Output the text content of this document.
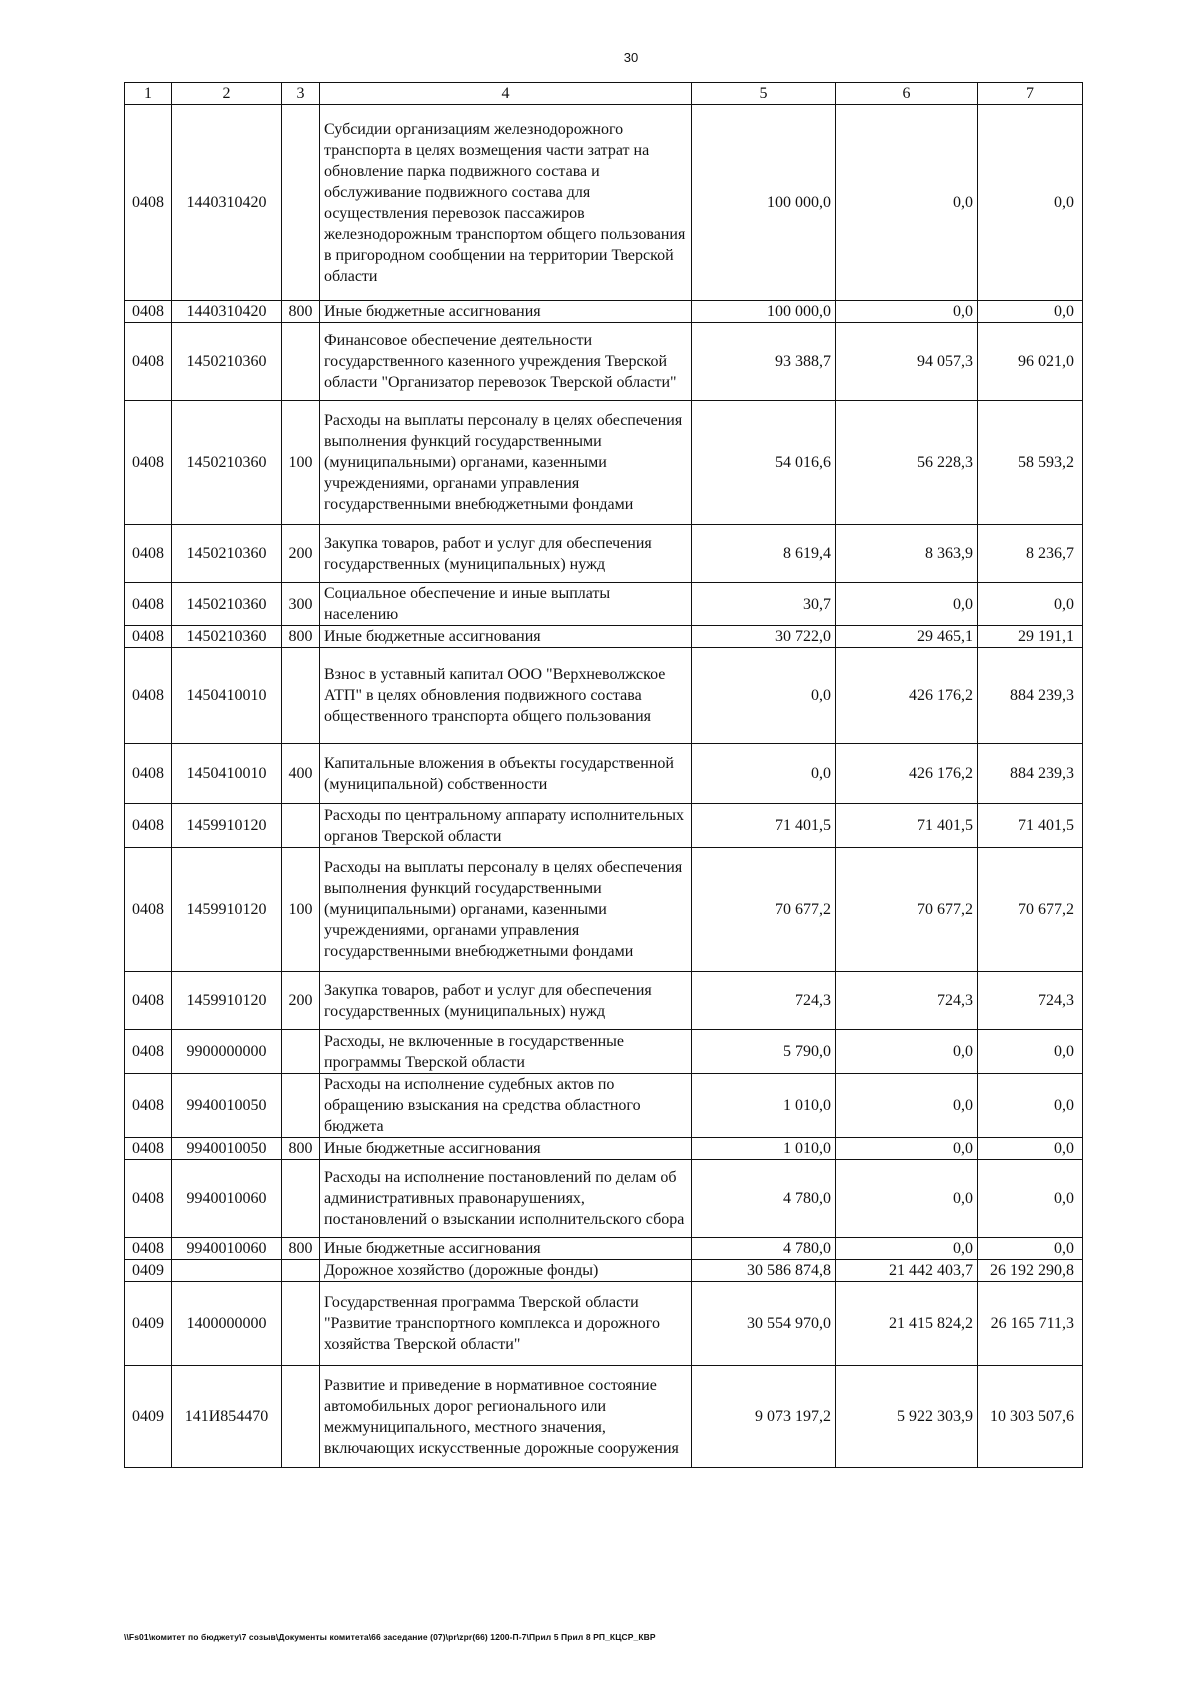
30
1	2	3	4	5	6	7
0408	1440310420		Субсидии организациям железнодорожного транспорта в целях возмещения части затрат на обновление парка подвижного состава и обслуживание подвижного состава для осуществления перевозок пассажиров железнодорожным транспортом общего пользования в пригородном сообщении на территории Тверской области	100 000,0	0,0	0,0
0408	1440310420	800	Иные бюджетные ассигнования	100 000,0	0,0	0,0
0408	1450210360		Финансовое обеспечение деятельности государственного казенного учреждения Тверской области "Организатор перевозок Тверской области"	93 388,7	94 057,3	96 021,0
0408	1450210360	100	Расходы на выплаты персоналу в целях обеспечения выполнения функций государственными (муниципальными) органами, казенными учреждениями, органами управления государственными внебюджетными фондами	54 016,6	56 228,3	58 593,2
0408	1450210360	200	Закупка товаров, работ и услуг для обеспечения государственных (муниципальных) нужд	8 619,4	8 363,9	8 236,7
0408	1450210360	300	Социальное обеспечение и иные выплаты населению	30,7	0,0	0,0
0408	1450210360	800	Иные бюджетные ассигнования	30 722,0	29 465,1	29 191,1
0408	1450410010		Взнос в уставный капитал ООО "Верхневолжское АТП" в целях обновления подвижного состава общественного транспорта общего пользования	0,0	426 176,2	884 239,3
0408	1450410010	400	Капитальные вложения в объекты государственной (муниципальной) собственности	0,0	426 176,2	884 239,3
0408	1459910120		Расходы по центральному аппарату исполнительных органов Тверской области	71 401,5	71 401,5	71 401,5
0408	1459910120	100	Расходы на выплаты персоналу в целях обеспечения выполнения функций государственными (муниципальными) органами, казенными учреждениями, органами управления государственными внебюджетными фондами	70 677,2	70 677,2	70 677,2
0408	1459910120	200	Закупка товаров, работ и услуг для обеспечения государственных (муниципальных) нужд	724,3	724,3	724,3
0408	9900000000		Расходы, не включенные в государственные программы Тверской области	5 790,0	0,0	0,0
0408	9940010050		Расходы на исполнение судебных актов по обращению взыскания на средства областного бюджета	1 010,0	0,0	0,0
0408	9940010050	800	Иные бюджетные ассигнования	1 010,0	0,0	0,0
0408	9940010060		Расходы на исполнение постановлений по делам об административных правонарушениях, постановлений о взыскании исполнительского сбора	4 780,0	0,0	0,0
0408	9940010060	800	Иные бюджетные ассигнования	4 780,0	0,0	0,0
0409			Дорожное хозяйство (дорожные фонды)	30 586 874,8	21 442 403,7	26 192 290,8
0409	1400000000		Государственная программа Тверской области "Развитие транспортного комплекса и дорожного хозяйства Тверской области"	30 554 970,0	21 415 824,2	26 165 711,3
0409	141И854470		Развитие и приведение в нормативное состояние автомобильных дорог регионального или межмуниципального, местного значения, включающих искусственные дорожные сооружения	9 073 197,2	5 922 303,9	10 303 507,6
\\Fs01\комитет по бюджету\7 созыв\Документы комитета\66 заседание (07)\pr\zpr(66) 1200-П-7\Прил 5 Прил 8 РП_КЦСР_КВР
